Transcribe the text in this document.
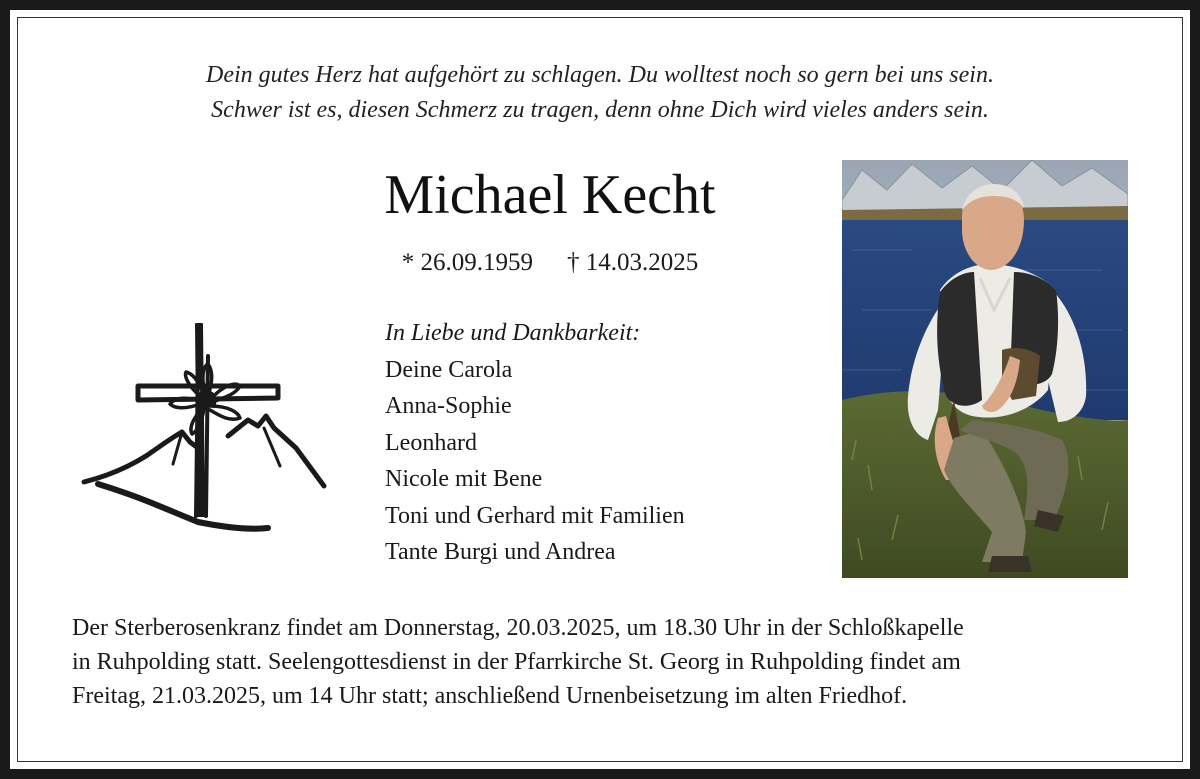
Dein gutes Herz hat aufgehört zu schlagen. Du wolltest noch so gern bei uns sein.
Schwer ist es, diesen Schmerz zu tragen, denn ohne Dich wird vieles anders sein.
Michael Kecht
* 26.09.1959 † 14.03.2025
In Liebe und Dankbarkeit:
Deine Carola
Anna-Sophie
Leonhard
Nicole mit Bene
Toni und Gerhard mit Familien
Tante Burgi und Andrea
Der Sterberosenkranz findet am Donnerstag, 20.03.2025, um 18.30 Uhr in der Schloßkapelle
in Ruhpolding statt. Seelengottesdienst in der Pfarrkirche St. Georg in Ruhpolding findet am
Freitag, 21.03.2025, um 14 Uhr statt; anschließend Urnenbeisetzung im alten Friedhof.
